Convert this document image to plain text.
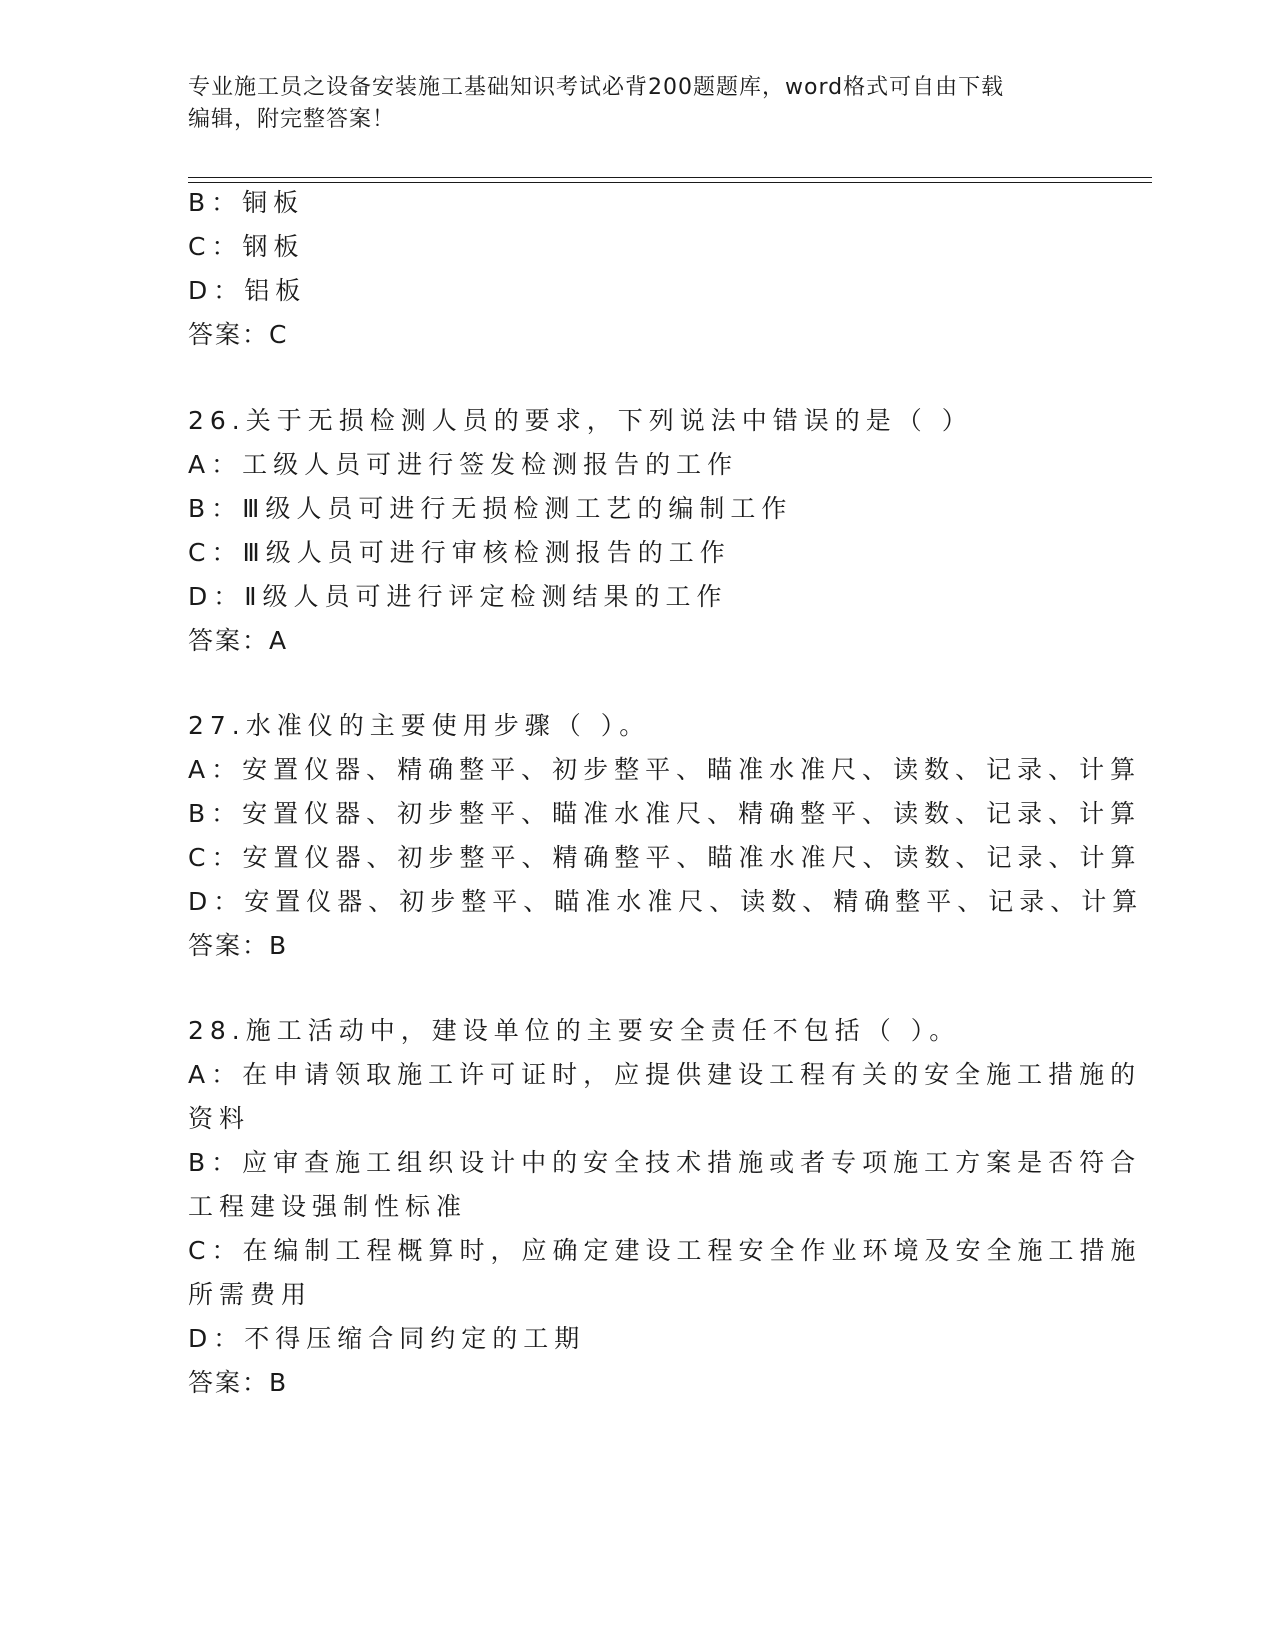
专业施工员之设备安装施工基础知识考试必背200题题库，word格式可自由下载
编辑，附完整答案！
B：铜板
C：钢板
D：铝板
答案：C
26.关于无损检测人员的要求，下列说法中错误的是（ ）
A：工级人员可进行签发检测报告的工作
B：Ⅲ级人员可进行无损检测工艺的编制工作
C：Ⅲ级人员可进行审核检测报告的工作
D：Ⅱ级人员可进行评定检测结果的工作
答案：A
27.水准仪的主要使用步骤（ ）。
A：安置仪器、精确整平、初步整平、瞄准水准尺、读数、记录、计算
B：安置仪器、初步整平、瞄准水准尺、精确整平、读数、记录、计算
C：安置仪器、初步整平、精确整平、瞄准水准尺、读数、记录、计算
D：安置仪器、初步整平、瞄准水准尺、读数、精确整平、记录、计算
答案：B
28.施工活动中，建设单位的主要安全责任不包括（ ）。
A：在申请领取施工许可证时，应提供建设工程有关的安全施工措施的
资料
B：应审查施工组织设计中的安全技术措施或者专项施工方案是否符合
工程建设强制性标准
C：在编制工程概算时，应确定建设工程安全作业环境及安全施工措施
所需费用
D：不得压缩合同约定的工期
答案：B
